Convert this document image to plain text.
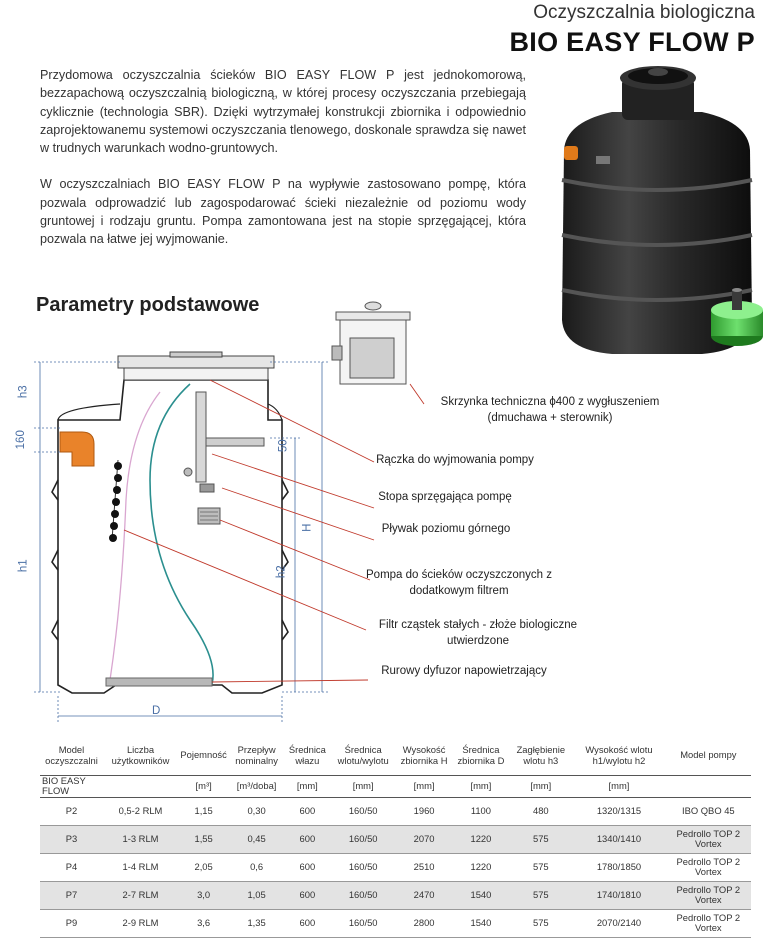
Oczyszczalnia biologiczna
BIO EASY FLOW P

Przydomowa oczyszczalnia ścieków BIO EASY FLOW P jest jednokomorową, bezzapachową oczyszczalnią biologiczną, w której procesy oczyszczania przebiegają cyklicznie (technologia SBR). Dzięki wytrzymałej konstrukcji zbiornika i odpowiednio zaprojektowanemu systemowi oczyszczania tlenowego, doskonale sprawdza się nawet w trudnych warunkach wodno-gruntowych.

W oczyszczalniach BIO EASY FLOW P na wypływie zastosowano pompę, która pozwala odprowadzić lub zagospodarować ścieki niezależnie od poziomu wody gruntowej i rodzaju gruntu. Pompa zamontowana jest na stopie sprzęgającej, która pozwala na łatwe jej wyjmowanie.

Parametry podstawowe
h3
160
h1
50
h2
H
D
Skrzynka techniczna ϕ400 z wygłuszeniem (dmuchawa + sterownik)
Rączka do wyjmowania pompy
Stopa sprzęgająca pompę
Pływak poziomu górnego
Pompa do ścieków oczyszczonych z dodatkowym filtrem
Filtr cząstek stałych - złoże biologiczne utwierdzone
Rurowy dyfuzor napowietrzający
Model oczyszczalni	Liczba użytkowników	Pojemność	Przepływ nominalny	Średnica włazu	Średnica wlotu/wylotu	Wysokość zbiornika H	Średnica zbiornika D	Zagłębienie wlotu h3	Wysokość wlotu h1/wylotu h2	Model pompy
BIO EASY FLOW		[m³]	[m³/doba]	[mm]	[mm]	[mm]	[mm]	[mm]	[mm]	
P2	0,5-2 RLM	1,15	0,30	600	160/50	1960	1100	480	1320/1315	IBO QBO 45
P3	1-3 RLM	1,55	0,45	600	160/50	2070	1220	575	1340/1410	Pedrollo TOP 2 Vortex
P4	1-4 RLM	2,05	0,6	600	160/50	2510	1220	575	1780/1850	Pedrollo TOP 2 Vortex
P7	2-7 RLM	3,0	1,05	600	160/50	2470	1540	575	1740/1810	Pedrollo TOP 2 Vortex
P9	2-9 RLM	3,6	1,35	600	160/50	2800	1540	575	2070/2140	Pedrollo TOP 2 Vortex
